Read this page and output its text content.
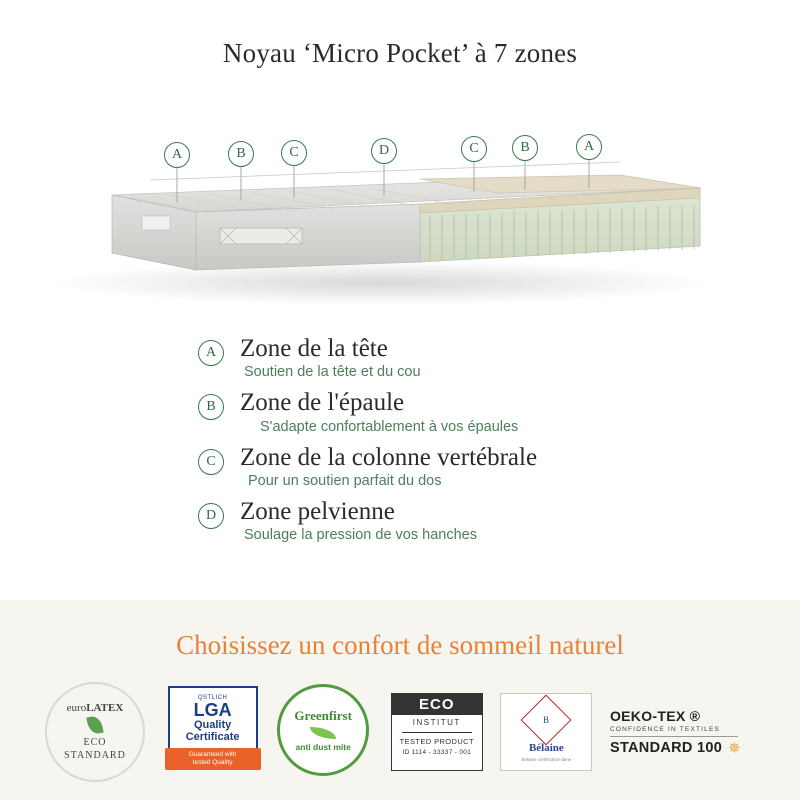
Noyau ‘Micro Pocket’ à 7 zones
A	B	C	D	C	B	A
A Zone de la tête
Soutien de la tête et du cou
B Zone de l'épaule
S'adapte confortablement à vos épaules
C Zone de la colonne vertébrale
Pour un soutien parfait du dos
D Zone pelvienne
Soulage la pression de vos hanches
Choisissez un confort de sommeil naturel
euroLATEX
ECO
STANDARD
QSTLICH
LGA
Quality
Certificate
Guaranteed with
tested Quality
Greenfirst
anti dust mite
ECO
INSTITUT
TESTED PRODUCT
ID 1114 - 33337 - 001
B
Bélaine
Belaine certification laine
OEKO-TEX ®
CONFIDENCE IN TEXTILES
STANDARD 100 ✵
